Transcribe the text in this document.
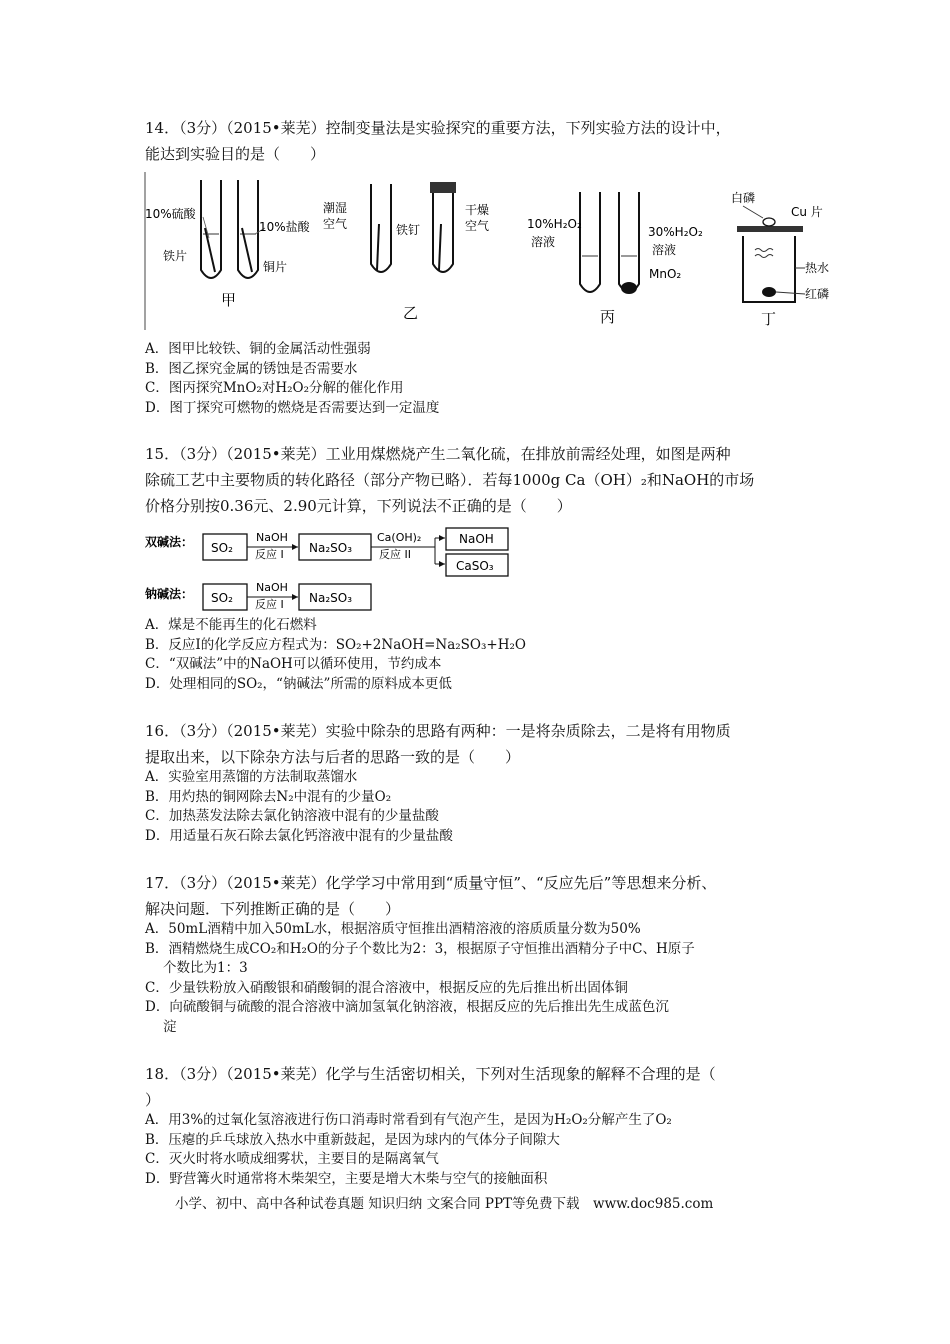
14．（3分）（2015•莱芜）控制变量法是实验探究的重要方法，下列实验方法的设计中，
能达到实验目的是（　　）
10%硫酸
10%盐酸
铁片
铜片
甲
潮湿
空气	铁钉
干燥
空气
乙
10%H₂O₂
溶液
30%H₂O₂
溶液
MnO₂
丙
白磷
Cu 片
热水
红磷
丁
A．图甲比较铁、铜的金属活动性强弱
B．图乙探究金属的锈蚀是否需要水
C．图丙探究MnO₂对H₂O₂分解的催化作用
D．图丁探究可燃物的燃烧是否需要达到一定温度
15．（3分）（2015•莱芜）工业用煤燃烧产生二氧化硫，在排放前需经处理，如图是两种
除硫工艺中主要物质的转化路径（部分产物已略）．若每1000g Ca（OH）₂和NaOH的市场
价格分别按0.36元、2.90元计算，下列说法不正确的是（　　）
双碱法： SO₂
NaOH
反应 I Na₂SO₃
Ca(OH)₂
反应 II
NaOH
CaSO₃
钠碱法： SO₂
NaOH
反应 I Na₂SO₃
A．煤是不能再生的化石燃料
B．反应Ⅰ的化学反应方程式为：SO₂+2NaOH=Na₂SO₃+H₂O
C．“双碱法”中的NaOH可以循环使用，节约成本
D．处理相同的SO₂，“钠碱法”所需的原料成本更低
16．（3分）（2015•莱芜）实验中除杂的思路有两种：一是将杂质除去，二是将有用物质
提取出来，以下除杂方法与后者的思路一致的是（　　）
A．实验室用蒸馏的方法制取蒸馏水
B．用灼热的铜网除去N₂中混有的少量O₂
C．加热蒸发法除去氯化钠溶液中混有的少量盐酸
D．用适量石灰石除去氯化钙溶液中混有的少量盐酸
17．（3分）（2015•莱芜）化学学习中常用到“质量守恒”、“反应先后”等思想来分析、
解决问题．下列推断正确的是（　　）
A．50mL酒精中加入50mL水，根据溶质守恒推出酒精溶液的溶质质量分数为50%
B．酒精燃烧生成CO₂和H₂O的分子个数比为2：3，根据原子守恒推出酒精分子中C、H原子
个数比为1：3
C．少量铁粉放入硝酸银和硝酸铜的混合溶液中，根据反应的先后推出析出固体铜
D．向硫酸铜与硫酸的混合溶液中滴加氢氧化钠溶液，根据反应的先后推出先生成蓝色沉
淀
18．（3分）（2015•莱芜）化学与生活密切相关，下列对生活现象的解释不合理的是（
）
A．用3%的过氧化氢溶液进行伤口消毒时常看到有气泡产生，是因为H₂O₂分解产生了O₂
B．压瘪的乒乓球放入热水中重新鼓起，是因为球内的气体分子间隙大
C．灭火时将水喷成细雾状，主要目的是隔离氧气
D．野营篝火时通常将木柴架空，主要是增大木柴与空气的接触面积
小学、初中、高中各种试卷真题 知识归纳 文案合同 PPT等免费下载　www.doc985.com
